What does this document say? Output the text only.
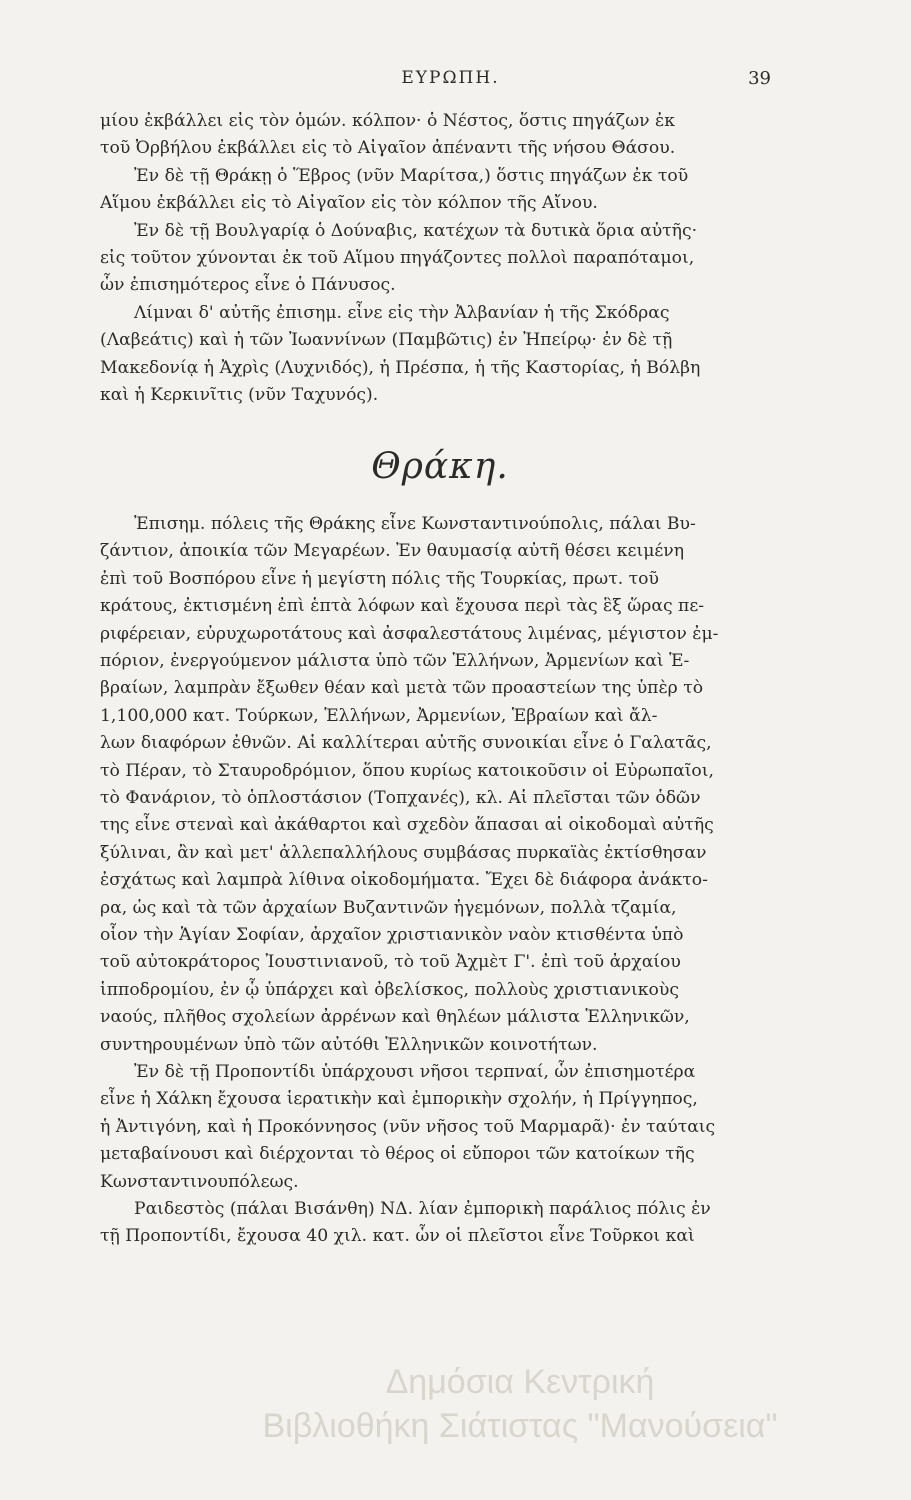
ΕΥΡΩΠΗ.	39
μίου ἐκβάλλει εἰς τὸν ὁμών. κόλπον· ὁ Νέστος, ὅστις πηγάζων ἐκ
τοῦ Ὀρβήλου ἐκβάλλει εἰς τὸ Αἰγαῖον ἀπέναντι τῆς νήσου Θάσου.
Ἐν δὲ τῇ Θράκῃ ὁ Ἕβρος (νῦν Μαρίτσα,) ὅστις πηγάζων ἐκ τοῦ
Αἵμου ἐκβάλλει εἰς τὸ Αἰγαῖον εἰς τὸν κόλπον τῆς Αἴνου.
Ἐν δὲ τῇ Βουλγαρίᾳ ὁ Δούναβις, κατέχων τὰ δυτικὰ ὅρια αὐτῆς·
εἰς τοῦτον χύνονται ἐκ τοῦ Αἵμου πηγάζοντες πολλοὶ παραπόταμοι,
ὧν ἐπισημότερος εἶνε ὁ Πάνυσος.
Λίμναι δ' αὐτῆς ἐπισημ. εἶνε εἰς τὴν Ἀλβανίαν ἡ τῆς Σκόδρας
(Λαβεάτις) καὶ ἡ τῶν Ἰωαννίνων (Παμβῶτις) ἐν Ἠπείρῳ· ἐν δὲ τῇ
Μακεδονίᾳ ἡ Ἀχρὶς (Λυχνιδός), ἡ Πρέσπα, ἡ τῆς Καστορίας, ἡ Βόλβη
καὶ ἡ Κερκινῖτις (νῦν Ταχυνός).
Θράκη.
Ἐπισημ. πόλεις τῆς Θράκης εἶνε Κωνσταντινούπολις, πάλαι Βυ-
ζάντιον, ἀποικία τῶν Μεγαρέων. Ἐν θαυμασίᾳ αὐτῆ θέσει κειμένη
ἐπὶ τοῦ Βοσπόρου εἶνε ἡ μεγίστη πόλις τῆς Τουρκίας, πρωτ. τοῦ
κράτους, ἐκτισμένη ἐπὶ ἑπτὰ λόφων καὶ ἔχουσα περὶ τὰς ἓξ ὥρας πε-
ριφέρειαν, εὐρυχωροτάτους καὶ ἀσφαλεστάτους λιμένας, μέγιστον ἐμ-
πόριον, ἐνεργούμενον μάλιστα ὑπὸ τῶν Ἑλλήνων, Ἀρμενίων καὶ Ἑ-
βραίων, λαμπρὰν ἔξωθεν θέαν καὶ μετὰ τῶν προαστείων της ὑπὲρ τὸ
1,100,000 κατ. Τούρκων, Ἑλλήνων, Ἀρμενίων, Ἑβραίων καὶ ἄλ-
λων διαφόρων ἐθνῶν. Αἱ καλλίτεραι αὐτῆς συνοικίαι εἶνε ὁ Γαλατᾶς,
τὸ Πέραν, τὸ Σταυροδρόμιον, ὅπου κυρίως κατοικοῦσιν οἱ Εὐρωπαῖοι,
τὸ Φανάριον, τὸ ὁπλοστάσιον (Τοπχανές), κλ. Αἱ πλεῖσται τῶν ὁδῶν
της εἶνε στεναὶ καὶ ἀκάθαρτοι καὶ σχεδὸν ἅπασαι αἱ οἰκοδομαὶ αὐτῆς
ξύλιναι, ἂν καὶ μετ' ἀλλεπαλλήλους συμβάσας πυρκαϊὰς ἐκτίσθησαν
ἐσχάτως καὶ λαμπρὰ λίθινα οἰκοδομήματα. Ἔχει δὲ διάφορα ἀνάκτο-
ρα, ὡς καὶ τὰ τῶν ἀρχαίων Βυζαντινῶν ἡγεμόνων, πολλὰ τζαμία,
οἷον τὴν Ἁγίαν Σοφίαν, ἀρχαῖον χριστιανικὸν ναὸν κτισθέντα ὑπὸ
τοῦ αὐτοκράτορος Ἰουστινιανοῦ, τὸ τοῦ Ἀχμὲτ Γ'. ἐπὶ τοῦ ἀρχαίου
ἱπποδρομίου, ἐν ᾧ ὑπάρχει καὶ ὀβελίσκος, πολλοὺς χριστιανικοὺς
ναούς, πλῆθος σχολείων ἀρρένων καὶ θηλέων μάλιστα Ἑλληνικῶν,
συντηρουμένων ὑπὸ τῶν αὐτόθι Ἑλληνικῶν κοινοτήτων.
Ἐν δὲ τῇ Προποντίδι ὑπάρχουσι νῆσοι τερπναί, ὧν ἐπισημοτέρα
εἶνε ἡ Χάλκη ἔχουσα ἱερατικὴν καὶ ἐμπορικὴν σχολήν, ἡ Πρίγγηπος,
ἡ Ἀντιγόνη, καὶ ἡ Προκόννησος (νῦν νῆσος τοῦ Μαρμαρᾶ)· ἐν ταύταις
μεταβαίνουσι καὶ διέρχονται τὸ θέρος οἱ εὔποροι τῶν κατοίκων τῆς
Κωνσταντινουπόλεως.
Ραιδεστὸς (πάλαι Βισάνθη) ΝΔ. λίαν ἐμπορικὴ παράλιος πόλις ἐν
τῇ Προποντίδι, ἔχουσα 40 χιλ. κατ. ὧν οἱ πλεῖστοι εἶνε Τοῦρκοι καὶ
Δημόσια Κεντρική
Βιβλιοθήκη Σιάτιστας "Μανούσεια"
